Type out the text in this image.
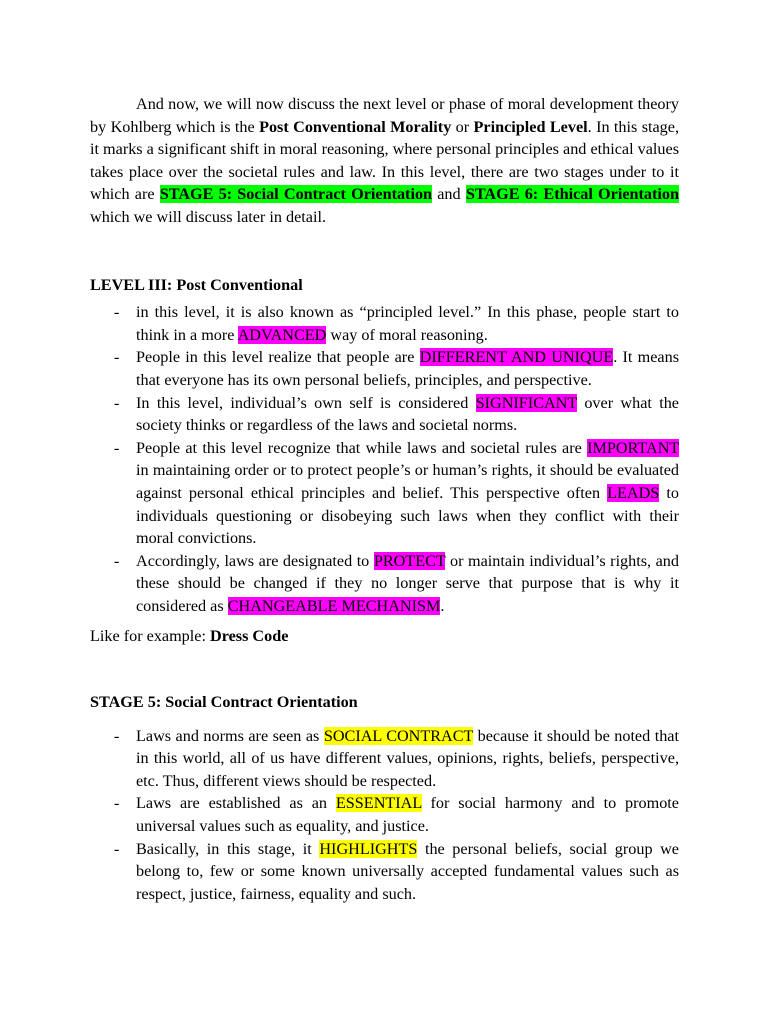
And now, we will now discuss the next level or phase of moral development theory by Kohlberg which is the Post Conventional Morality or Principled Level. In this stage, it marks a significant shift in moral reasoning, where personal principles and ethical values takes place over the societal rules and law. In this level, there are two stages under to it which are STAGE 5: Social Contract Orientation and STAGE 6: Ethical Orientation which we will discuss later in detail.

LEVEL III: Post Conventional

- in this level, it is also known as “principled level.” In this phase, people start to think in a more ADVANCED way of moral reasoning.
- People in this level realize that people are DIFFERENT AND UNIQUE. It means that everyone has its own personal beliefs, principles, and perspective.
- In this level, individual’s own self is considered SIGNIFICANT over what the society thinks or regardless of the laws and societal norms.
- People at this level recognize that while laws and societal rules are IMPORTANT in maintaining order or to protect people’s or human’s rights, it should be evaluated against personal ethical principles and belief. This perspective often LEADS to individuals questioning or disobeying such laws when they conflict with their moral convictions.
- Accordingly, laws are designated to PROTECT or maintain individual’s rights, and these should be changed if they no longer serve that purpose that is why it considered as CHANGEABLE MECHANISM.

Like for example: Dress Code

STAGE 5: Social Contract Orientation

- Laws and norms are seen as SOCIAL CONTRACT because it should be noted that in this world, all of us have different values, opinions, rights, beliefs, perspective, etc. Thus, different views should be respected.
- Laws are established as an ESSENTIAL for social harmony and to promote universal values such as equality, and justice.
- Basically, in this stage, it HIGHLIGHTS the personal beliefs, social group we belong to, few or some known universally accepted fundamental values such as respect, justice, fairness, equality and such.
